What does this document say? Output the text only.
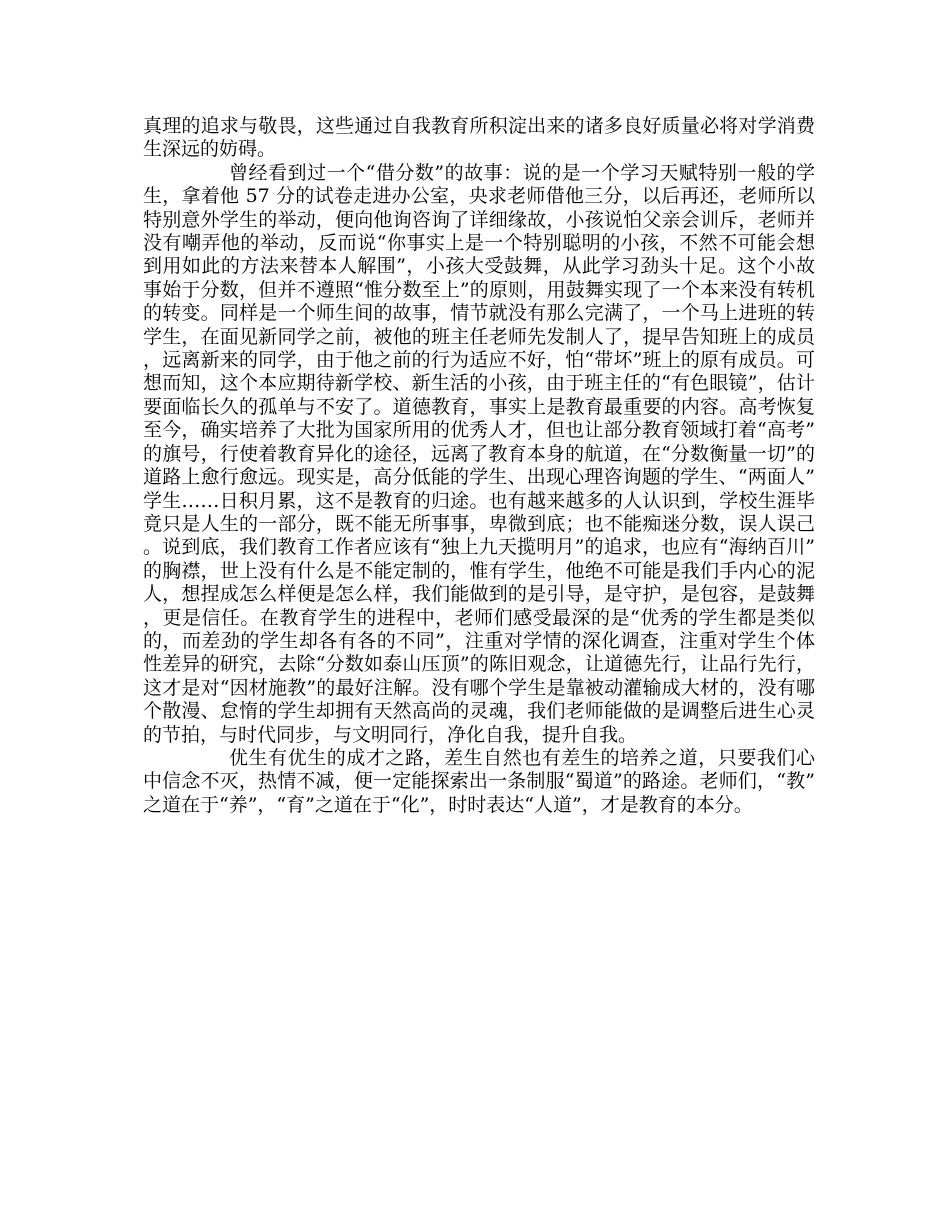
真理的追求与敬畏，这些通过自我教育所积淀出来的诸多良好质量必将对学消费生深远的妨碍。

曾经看到过一个“借分数”的故事：说的是一个学习天赋特别一般的学生，拿着他 57 分的试卷走进办公室，央求老师借他三分，以后再还，老师所以特别意外学生的举动，便向他询咨询了详细缘故，小孩说怕父亲会训斥，老师并没有嘲弄他的举动，反而说“你事实上是一个特别聪明的小孩，不然不可能会想到用如此的方法来替本人解围”，小孩大受鼓舞，从此学习劲头十足。这个小故事始于分数，但并不遵照“惟分数至上”的原则，用鼓舞实现了一个本来没有转机的转变。同样是一个师生间的故事，情节就没有那么完满了，一个马上进班的转学生，在面见新同学之前，被他的班主任老师先发制人了，提早告知班上的成员，远离新来的同学，由于他之前的行为适应不好，怕“带坏”班上的原有成员。可想而知，这个本应期待新学校、新生活的小孩，由于班主任的“有色眼镜”，估计要面临长久的孤单与不安了。道德教育，事实上是教育最重要的内容。高考恢复至今，确实培养了大批为国家所用的优秀人才，但也让部分教育领域打着“高考”的旗号，行使着教育异化的途径，远离了教育本身的航道，在“分数衡量一切”的道路上愈行愈远。现实是，高分低能的学生、出现心理咨询题的学生、“两面人”学生……日积月累，这不是教育的归途。也有越来越多的人认识到，学校生涯毕竟只是人生的一部分，既不能无所事事，卑微到底；也不能痴迷分数，误人误己。说到底，我们教育工作者应该有“独上九天揽明月”的追求，也应有“海纳百川”的胸襟，世上没有什么是不能定制的，惟有学生，他绝不可能是我们手内心的泥人，想捏成怎么样便是怎么样，我们能做到的是引导，是守护，是包容，是鼓舞，更是信任。在教育学生的进程中，老师们感受最深的是“优秀的学生都是类似的，而差劲的学生却各有各的不同”，注重对学情的深化调查，注重对学生个体性差异的研究，去除“分数如泰山压顶”的陈旧观念，让道德先行，让品行先行，这才是对“因材施教”的最好注解。没有哪个学生是靠被动灌输成大材的，没有哪个散漫、怠惰的学生却拥有天然高尚的灵魂，我们老师能做的是调整后进生心灵的节拍，与时代同步，与文明同行，净化自我，提升自我。

优生有优生的成才之路，差生自然也有差生的培养之道，只要我们心中信念不灭，热情不减，便一定能探索出一条制服“蜀道”的路途。老师们，“教”之道在于“养”，“育”之道在于“化”，时时表达“人道”，才是教育的本分。
